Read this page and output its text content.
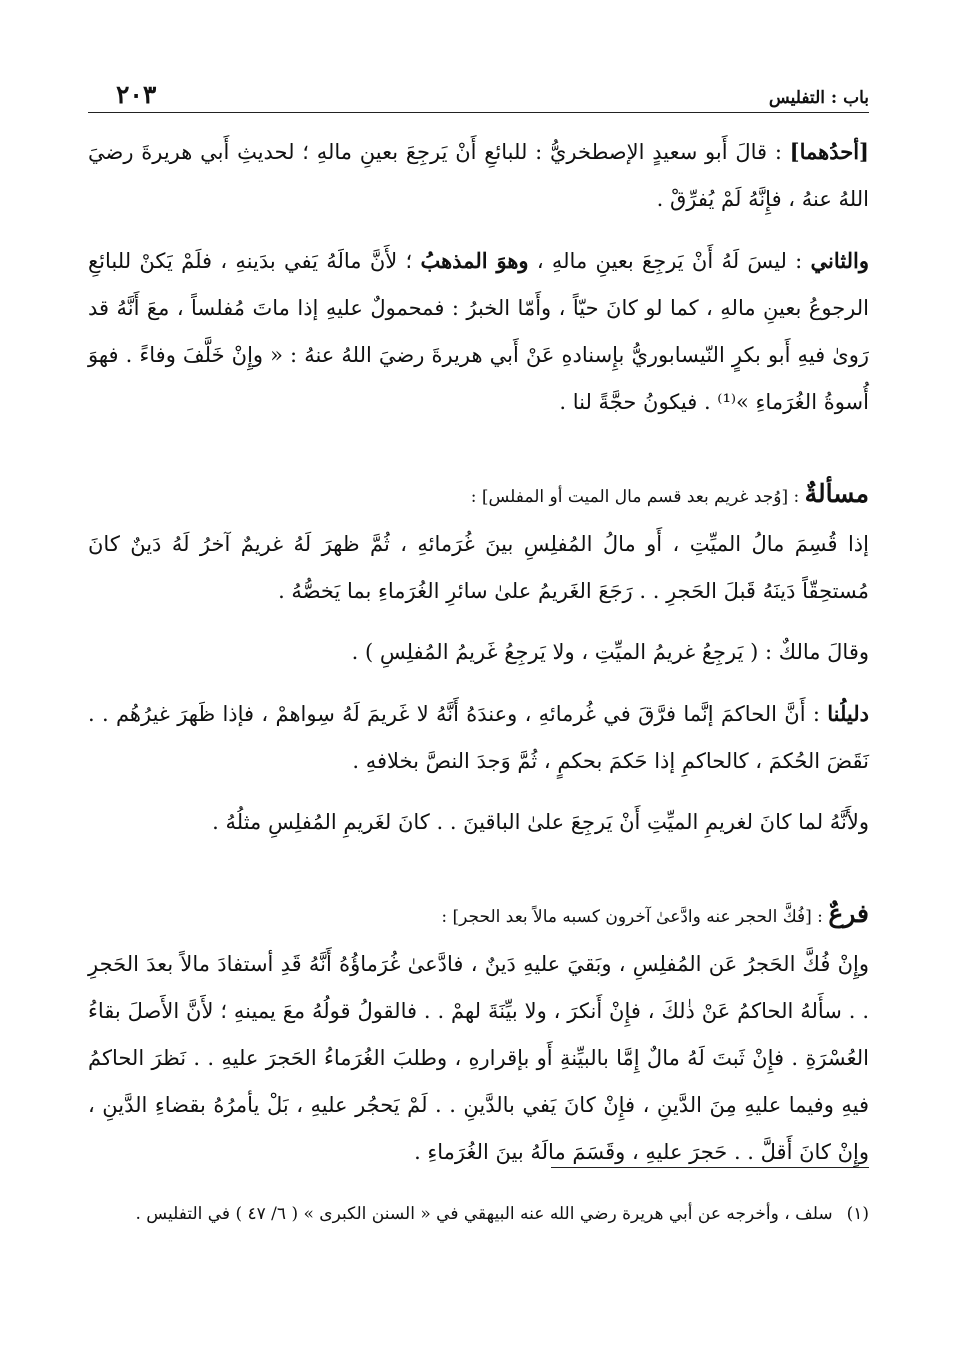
باب : التفليس
٢٠٣

[أحدُهما] : قالَ أَبو سعيدٍ الإصطخريُّ : للبائعِ أَنْ يَرجِعَ بعينِ مالهِ ؛ لحديثِ أَبي هريرةَ رضيَ اللهُ عنهُ ، فإِنَّهُ لَمْ يُفرِّقْ .

والثاني : ليسَ لَهُ أَنْ يَرجِعَ بعينِ مالهِ ، وهوَ المذهبُ ؛ لأَنَّ مالَهُ يَفي بدَينهِ ، فلَمْ يَكنْ للبائعِ الرجوعُ بعينِ مالهِ ، كما لو كانَ حيّاً ، وأَمّا الخبرُ : فمحمولٌ عليهِ إذا ماتَ مُفلساً ، معَ أَنَّهُ قد رَوىٰ فيهِ أَبو بكرٍ النّيسابوريُّ بإِسنادهِ عَنْ أَبي هريرةَ رضيَ اللهُ عنهُ : « وإِنْ خَلَّفَ وفاءً . فهوَ أُسوةُ الغُرَماءِ »⁽¹⁾ . فيكونُ حجَّةً لنا .

مسألةٌ : [وُجد غريم بعد قسم مال الميت أو المفلس] :

إذا قُسِمَ مالُ الميِّتِ ، أَو مالُ المُفلِسِ بينَ غُرَمائهِ ، ثُمَّ ظهرَ لَهُ غريمٌ آخرُ لَهُ دَينٌ كانَ مُستحِقّاً دَينَهُ قَبلَ الحَجرِ . . رَجَعَ الغَريمُ علىٰ سائرِ الغُرَماءِ بما يَخصُّهُ .

وقالَ مالكٌ : ( يَرجِعُ غريمُ الميِّتِ ، ولا يَرجِعُ غَريمُ المُفلِسِ ) .

دليلُنا : أَنَّ الحاكمَ إنَّما فرَّقَ في غُرمائهِ ، وعندَهُ أَنَّهُ لا غَريمَ لَهُ سِواهمْ ، فإذا ظَهرَ غيرُهُم . . نَقَضَ الحُكمَ ، كالحاكمِ إذا حَكمَ بحكمٍ ، ثُمَّ وَجدَ النصَّ بخلافهِ .

ولأَنَّهُ لما كانَ لغريمِ الميِّتِ أَنْ يَرجِعَ علىٰ الباقينَ . . كانَ لغَريمِ المُفلِسِ مثلُهُ .

فرعٌ : [فُكَّ الحجر عنه وادَّعىٰ آخرون كسبه مالاً بعد الحجر] :

وإِنْ فُكَّ الحَجرُ عَن المُفلِسِ ، وبَقيَ عليهِ دَينٌ ، فادَّعىٰ غُرَماؤُهُ أَنَّهُ قَدِ أستفادَ مالاً بعدَ الحَجرِ . . سأَلهُ الحاكمُ عَنْ ذٰلكَ ، فإِنْ أَنكرَ ، ولا بيِّنَةَ لهمْ . . فالقولُ قولُهُ معَ يمينهِ ؛ لأَنَّ الأَصلَ بقاءُ العُسْرَةِ . فإِنْ ثَبتَ لَهُ مالٌ إِمَّا بالبيِّنةِ أَو بإقرارهِ ، وطلبَ الغُرَماءُ الحَجرَ عليهِ . . نَظرَ الحاكمُ فيهِ وفيما عليهِ مِنَ الدَّينِ ، فإِنْ كانَ يَفي بالدَّينِ . . لَمْ يَحجُر عليهِ ، بَلْ يأمرُهُ بقضاءِ الدَّينِ ، وإِنْ كانَ أَقلَّ . . حَجرَ عليهِ ، وقَسَمَ مالَهُ بينَ الغُرَماءِ .

(١)سلف ، وأخرجه عن أبي هريرة رضي الله عنه البيهقي في « السنن الكبرى » ( ٦/ ٤٧ ) في التفليس .
